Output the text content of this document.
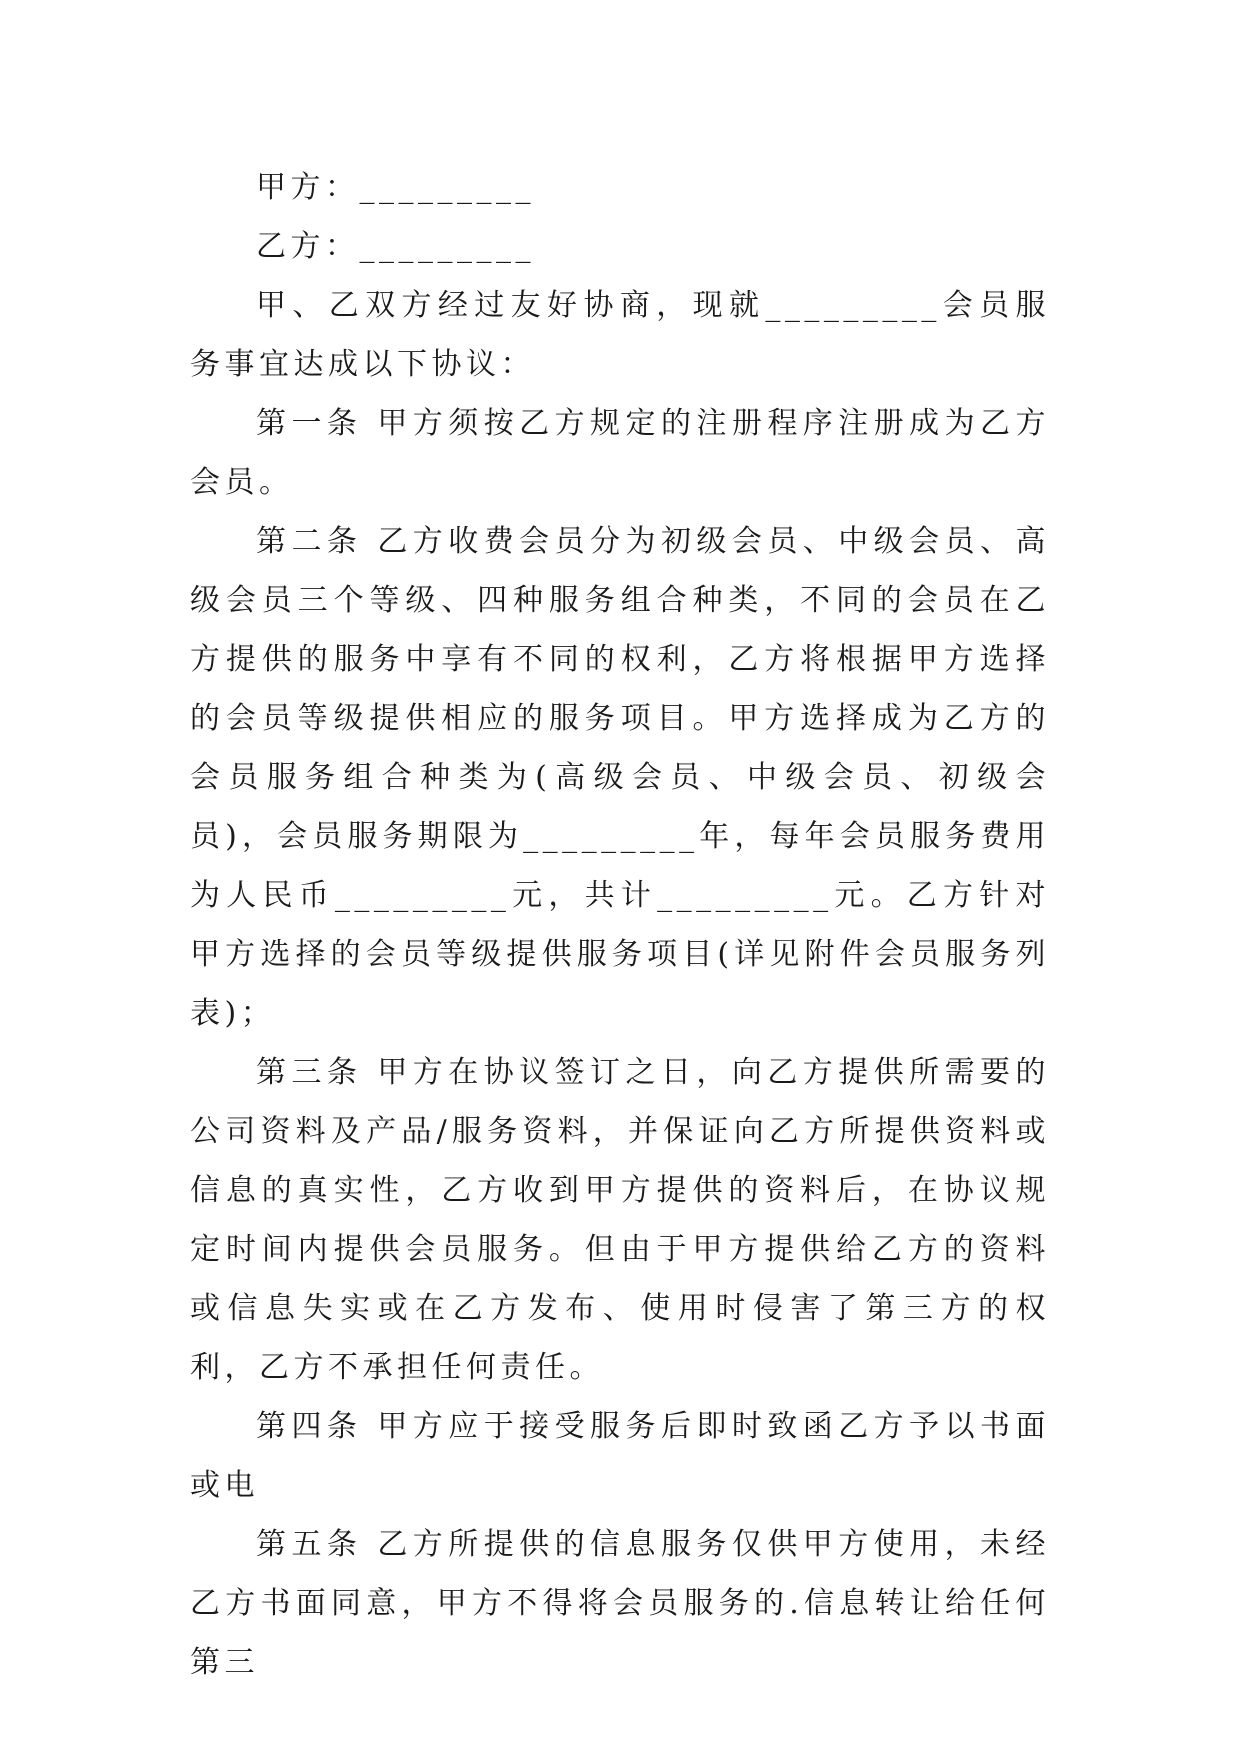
甲方：_________

乙方：_________

甲、乙双方经过友好协商，现就_________会员服务事宜达成以下协议：

第一条 甲方须按乙方规定的注册程序注册成为乙方会员。

第二条 乙方收费会员分为初级会员、中级会员、高级会员三个等级、四种服务组合种类，不同的会员在乙方提供的服务中享有不同的权利，乙方将根据甲方选择的会员等级提供相应的服务项目。甲方选择成为乙方的会员服务组合种类为(高级会员、中级会员、初级会员)，会员服务期限为_________年，每年会员服务费用为人民币_________元，共计_________元。乙方针对甲方选择的会员等级提供服务项目(详见附件会员服务列表)；

第三条 甲方在协议签订之日，向乙方提供所需要的公司资料及产品/服务资料，并保证向乙方所提供资料或信息的真实性，乙方收到甲方提供的资料后，在协议规定时间内提供会员服务。但由于甲方提供给乙方的资料或信息失实或在乙方发布、使用时侵害了第三方的权利，乙方不承担任何责任。

第四条 甲方应于接受服务后即时致函乙方予以书面或电

第五条 乙方所提供的信息服务仅供甲方使用，未经乙方书面同意，甲方不得将会员服务的.信息转让给任何第三
